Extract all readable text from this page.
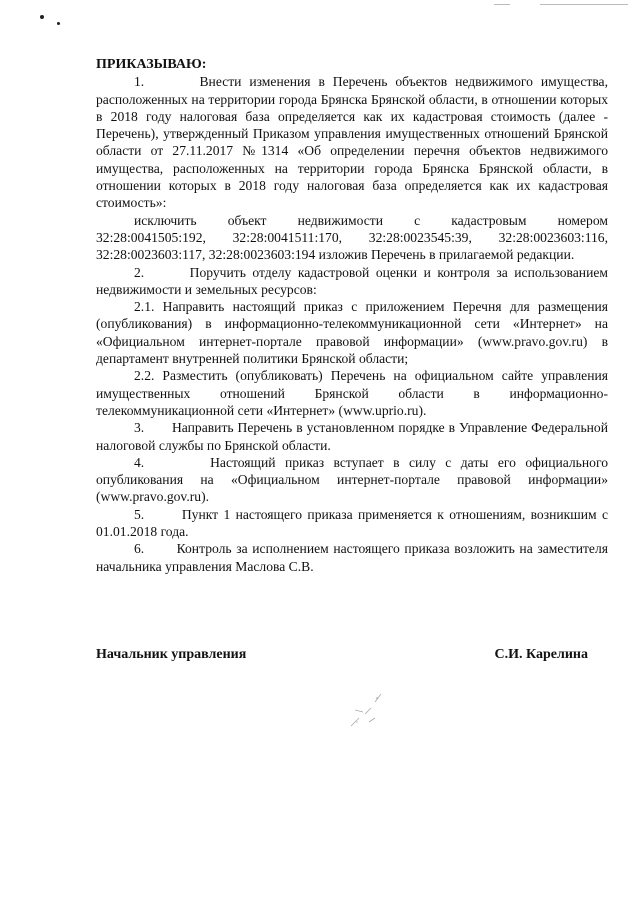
ПРИКАЗЫВАЮ:

1.       Внести изменения в Перечень объектов недвижимого имущества, расположенных на территории города Брянска Брянской области, в отношении которых в 2018 году налоговая база определяется как их кадастровая стоимость (далее - Перечень), утвержденный Приказом управления имущественных отношений Брянской области от 27.11.2017 №1314 «Об определении перечня объектов недвижимого имущества, расположенных на территории города Брянска Брянской области, в отношении которых в 2018 году налоговая база определяется как их кадастровая стоимость»:

исключить объект недвижимости с кадастровым номером

32:28:0041505:192, 32:28:0041511:170, 32:28:0023545:39, 32:28:0023603:116, 32:28:0023603:117, 32:28:0023603:194 изложив Перечень в прилагаемой редакции.

2.       Поручить отделу кадастровой оценки и контроля за использованием недвижимости и земельных ресурсов:

2.1. Направить настоящий приказ с приложением Перечня для размещения (опубликования) в информационно-телекоммуникационной сети «Интернет» на «Официальном интернет-портале правовой информации» (www.pravo.gov.ru) в департамент внутренней политики Брянской области;

2.2. Разместить (опубликовать) Перечень на официальном сайте управления имущественных отношений Брянской области в информационно-телекоммуникационной сети «Интернет» (www.uprio.ru).

3.       Направить Перечень в установленном порядке в Управление Федеральной налоговой службы по Брянской области.

4.       Настоящий приказ вступает в силу с даты его официального опубликования на «Официальном интернет-портале правовой информации» (www.pravo.gov.ru).

5.       Пункт 1 настоящего приказа применяется к отношениям, возникшим с 01.01.2018 года.

6.       Контроль за исполнением настоящего приказа возложить на заместителя начальника управления Маслова С.В.

Начальник управления	С.И. Карелина
